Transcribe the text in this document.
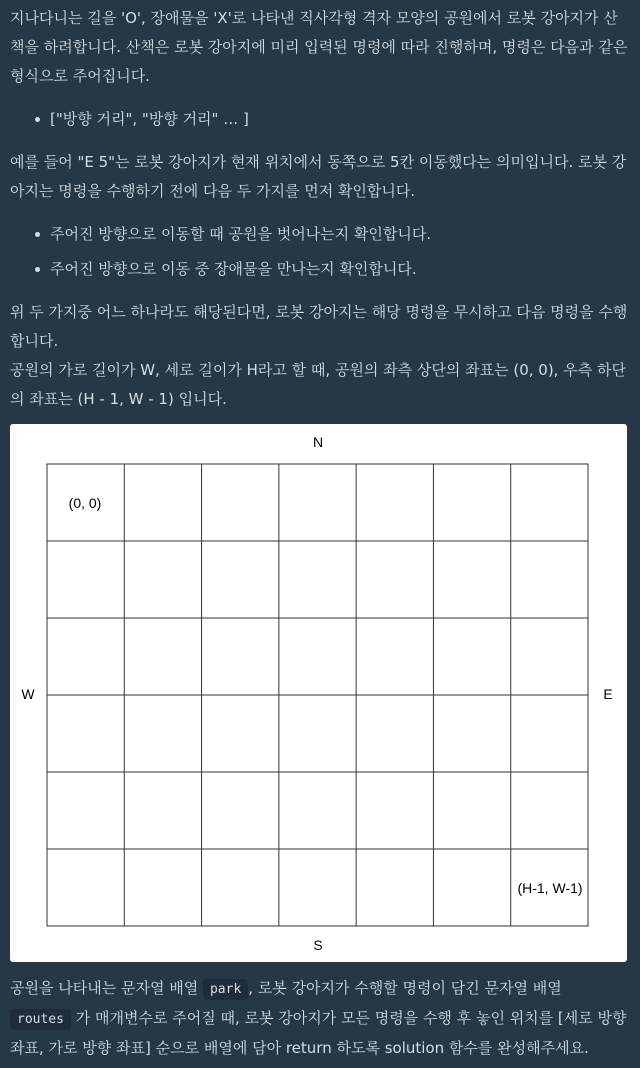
지나다니는 길을 'O', 장애물을 'X'로 나타낸 직사각형 격자 모양의 공원에서 로봇 강아지가 산책을 하려합니다. 산책은 로봇 강아지에 미리 입력된 명령에 따라 진행하며, 명령은 다음과 같은 형식으로 주어집니다.

["방향 거리", "방향 거리" … ]

예를 들어 "E 5"는 로봇 강아지가 현재 위치에서 동쪽으로 5칸 이동했다는 의미입니다. 로봇 강아지는 명령을 수행하기 전에 다음 두 가지를 먼저 확인합니다.

주어진 방향으로 이동할 때 공원을 벗어나는지 확인합니다.
주어진 방향으로 이동 중 장애물을 만나는지 확인합니다.

위 두 가지중 어느 하나라도 해당된다면, 로봇 강아지는 해당 명령을 무시하고 다음 명령을 수행합니다.

공원의 가로 길이가 W, 세로 길이가 H라고 할 때, 공원의 좌측 상단의 좌표는 (0, 0), 우측 하단의 좌표는 (H - 1, W - 1) 입니다.

N
S
W	E
(0, 0)
(H-1, W-1)

공원을 나타내는 문자열 배열 park , 로봇 강아지가 수행할 명령이 담긴 문자열 배열
routes 가 매개변수로 주어질 때, 로봇 강아지가 모든 명령을 수행 후 놓인 위치를 [세로 방향 좌표, 가로 방향 좌표] 순으로 배열에 담아 return 하도록 solution 함수를 완성해주세요.
